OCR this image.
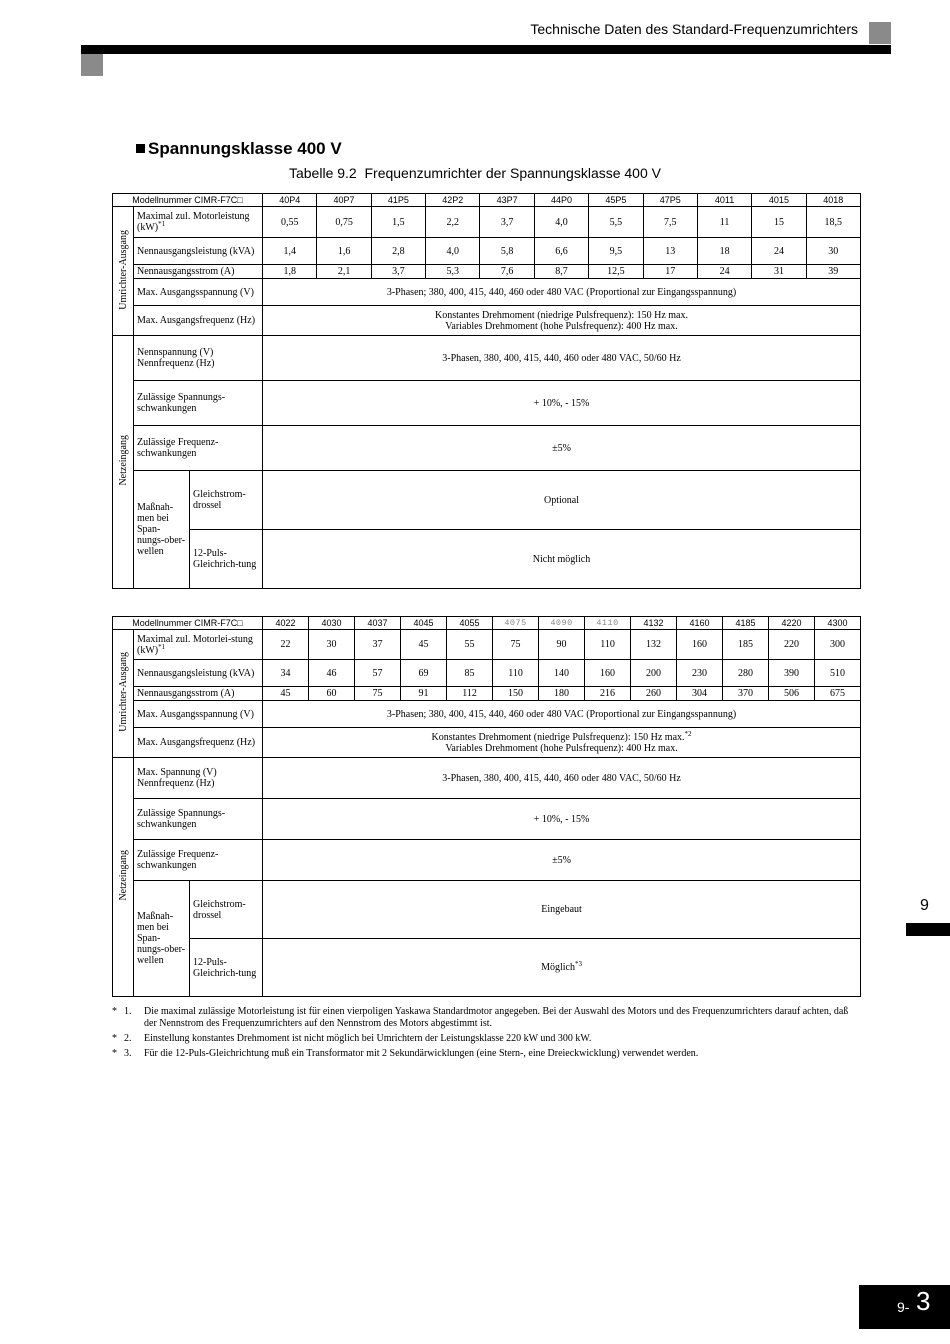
Technische Daten des Standard-Frequenzumrichters
Spannungsklasse 400 V
Tabelle 9.2 Frequenzumrichter der Spannungsklasse 400 V
Modellnummer CIMR-F7C□			40P4	40P7	41P5	42P2	43P7	44P0	45P5	47P5	4011	4015	4018
Umrichter-Ausgang	Maximal zul. Motorleistung (kW)$^{*1}$		0,55	0,75	1,5	2,2	3,7	4,0	5,5	7,5	11	15	18,5
	Nennausgangsleistung (kVA)		1,4	1,6	2,8	4,0	5,8	6,6	9,5	13	18	24	30
	Nennausgangsstrom (A)		1,8	2,1	3,7	5,3	7,6	8,7	12,5	17	24	31	39
	Max. Ausgangsspannung (V)		3-Phasen; 380, 400, 415, 440, 460 oder 480 VAC (Proportional zur Eingangsspannung)										
	Max. Ausgangsfrequenz (Hz)		Konstantes Drehmoment (niedrige Pulsfrequenz): 150 Hz max.
Variables Drehmoment (hohe Pulsfrequenz): 400 Hz max.										
Netzeingang	Nennspannung (V) Nennfrequenz (Hz)		3-Phasen, 380, 400, 415, 440, 460 oder 480 VAC, 50/60 Hz										
	Zulässige Spannungs-schwankungen		+ 10%, - 15%										
	Zulässige Frequenz-schwankungen		±5%										
	Maßnah-men bei Span-nungs-ober-wellen	Gleichstrom-drossel	Optional										
		12-Puls-Gleichrich-tung	Nicht möglich										
Modellnummer CIMR-F7C□			4022	4030	4037	4045	4055	4075	4090	4110	4132	4160	4185	4220	4300
Umrichter-Ausgang	Maximal zul. Motorlei-stung (kW)$^{*1}$		22	30	37	45	55	75	90	110	132	160	185	220	300
	Nennausgangsleistung (kVA)		34	46	57	69	85	110	140	160	200	230	280	390	510
	Nennausgangsstrom (A)		45	60	75	91	112	150	180	216	260	304	370	506	675
	Max. Ausgangsspannung (V)		3-Phasen; 380, 400, 415, 440, 460 oder 480 VAC (Proportional zur Eingangsspannung)												
	Max. Ausgangsfrequenz (Hz)		Konstantes Drehmoment (niedrige Pulsfrequenz): 150 Hz max.$^{*2}$
Variables Drehmoment (hohe Pulsfrequenz): 400 Hz max.												
Netzeingang	Max. Spannung (V) Nennfrequenz (Hz)		3-Phasen, 380, 400, 415, 440, 460 oder 480 VAC, 50/60 Hz												
	Zulässige Spannungs-schwankungen		+ 10%, - 15%												
	Zulässige Frequenz-schwankungen		±5%												
	Maßnah-men bei Span-nungs-ober-wellen	Gleichstrom-drossel	Eingebaut												
		12-Puls-Gleichrich-tung	Möglich$^{*3}$
* 1.	Die maximal zulässige Motorleistung ist für einen vierpoligen Yaskawa Standardmotor angegeben. Bei der Auswahl des Motors und des Frequenzumrichters darauf achten, daß der Nennstrom des Frequenzumrichters auf den Nennstrom des Motors abgestimmt ist.
* 2.	Einstellung konstantes Drehmoment ist nicht möglich bei Umrichtern der Leistungsklasse 220 kW und 300 kW.
* 3.	Für die 12-Puls-Gleichrichtung muß ein Transformator mit 2 Sekundärwicklungen (eine Stern-, eine Dreieckwicklung) verwendet werden.
9
9- 3
